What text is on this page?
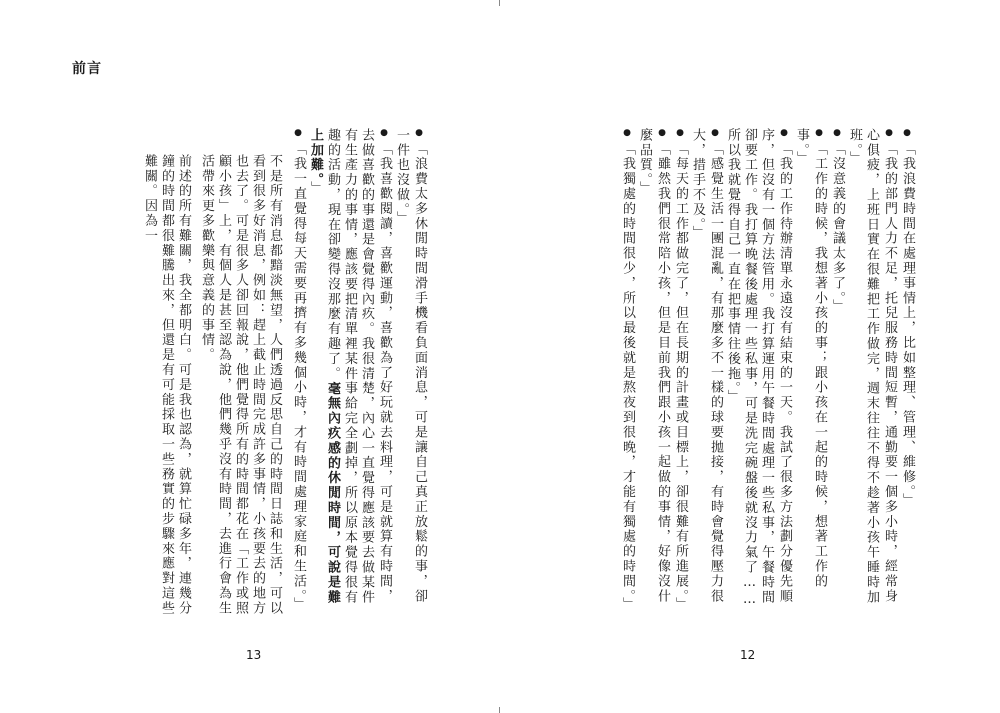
前言
● 「浪費太多休閒時間滑手機看負面消息，可是讓自己真正放鬆的事，卻一件也沒做。」
● 「我喜歡閱讀，喜歡運動，喜歡為了好玩就去料理，可是就算有時間，去做喜歡的事還是會覺得內疚。我很清楚，內心一直覺得應該要去做某件有生產力的事情，應該要把清單裡某件事給完全劃掉，所以原本覺得很有趣的活動，現在卻變得沒那麼有趣了。毫無內疚感的休閒時間，可說是難上加難。」
● 「我一直覺得每天需要再擠有多幾個小時，才有時間處理家庭和生活。」
不是所有消息都黯淡無望，人們透過反思自己的時間日誌和生活，可以看到很多好消息，例如：趕上截止時間完成許多事情，小孩要去的地方也去了。可是很多人卻回報說，他們覺得所有的時間都花在「工作或照顧小孩」上，有個人是甚至認為說，他們幾乎沒有時間，去進行會為生活帶來更多歡樂與意義的事情。
前述的所有難關，我全都明白。可是我也認為，就算忙碌多年，連幾分鐘的時間都很難騰出來，但還是有可能採取一些務實的步驟來應對這些難關。因為一
13
● 「我浪費時間在處理事情上，比如整理、管理、維修。」
● 「我的部門人力不足，托兒服務時間短暫，通勤要一個多小時，經常身心俱疲，上班日實在很難把工作做完，週末往往不得不趁著小孩午睡時加班。」
● 「沒意義的會議太多了。」
● 「工作的時候，我想著小孩的事；跟小孩在一起的時候，想著工作的事。」
● 「我的工作待辦清單永遠沒有結束的一天。我試了很多方法劃分優先順序，但沒有一個方法管用。我打算運用午餐時間處理一些私事，午餐時間卻要工作。我打算晚餐後處理一些私事，可是洗完碗盤後就沒力氣了……所以我就覺得自己一直在把事情往後拖。」
● 「感覺生活一團混亂，有那麼多不一樣的球要拋接，有時會覺得壓力很大，措手不及。」
● 「每天的工作都做完了，但在長期的計畫或目標上，卻很難有所進展。」
● 「雖然我們很常陪小孩，但是目前我們跟小孩一起做的事情，好像沒什麼品質。」
● 「我獨處的時間很少，所以最後就是熬夜到很晚，才能有獨處的時間。」
12
